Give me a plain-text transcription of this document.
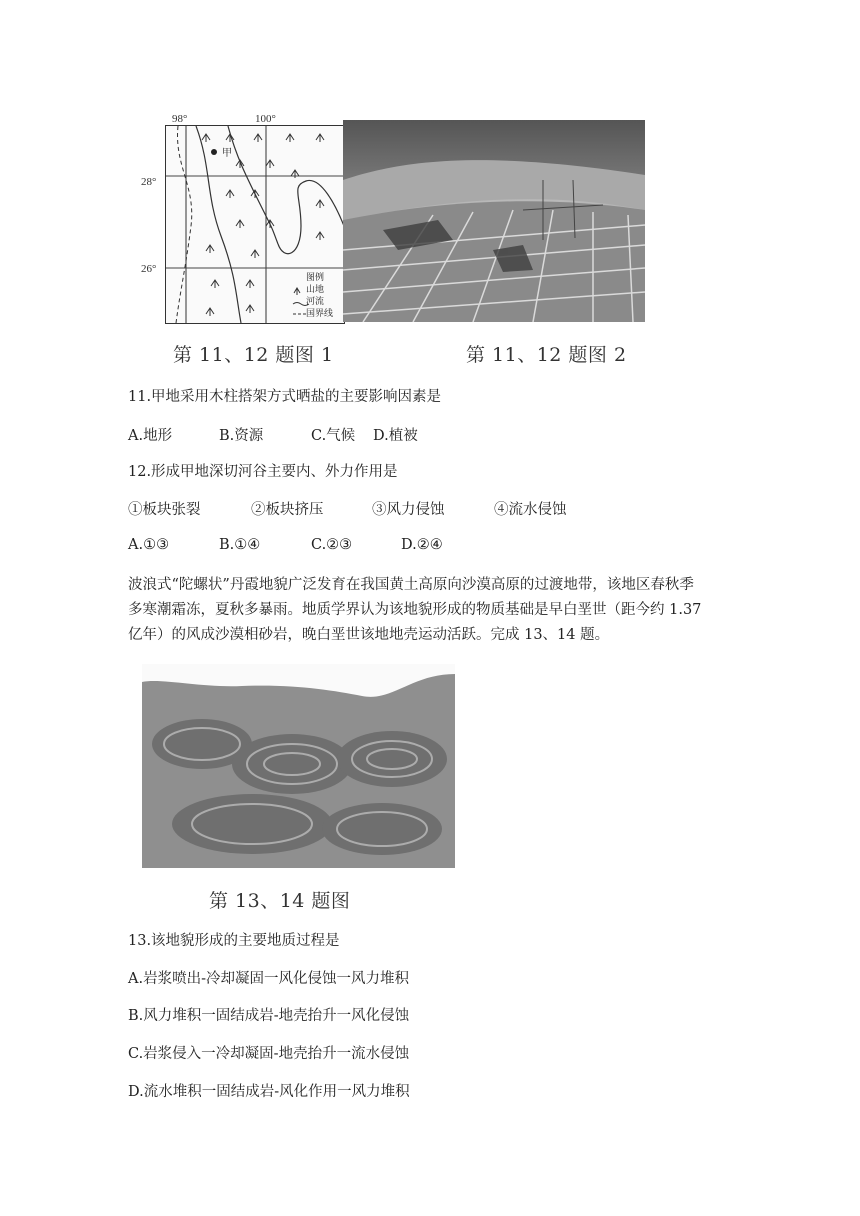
98°	100°
28°
26°
甲
图例
山地
河流
国界线
第 11、12 题图 1	第 11、12 题图 2
11.甲地采用木柱搭架方式晒盐的主要影响因素是
A.地形	B.资源	C.气候 D.植被
12.形成甲地深切河谷主要内、外力作用是
①板块张裂	②板块挤压	③风力侵蚀	④流水侵蚀
A.①③	B.①④	C.②③	D.②④
波浪式“陀螺状”丹霞地貌广泛发育在我国黄土高原向沙漠高原的过渡地带，该地区春秋季
多寒潮霜冻，夏秋多暴雨。地质学界认为该地貌形成的物质基础是早白垩世（距今约 1.37
亿年）的风成沙漠相砂岩，晚白垩世该地地壳运动活跃。完成 13、14 题。
第 13、14 题图
13.该地貌形成的主要地质过程是
A.岩浆喷出-冷却凝固一风化侵蚀一风力堆积
B.风力堆积一固结成岩-地壳抬升一风化侵蚀
C.岩浆侵入一冷却凝固-地壳抬升一流水侵蚀
D.流水堆积一固结成岩-风化作用一风力堆积
